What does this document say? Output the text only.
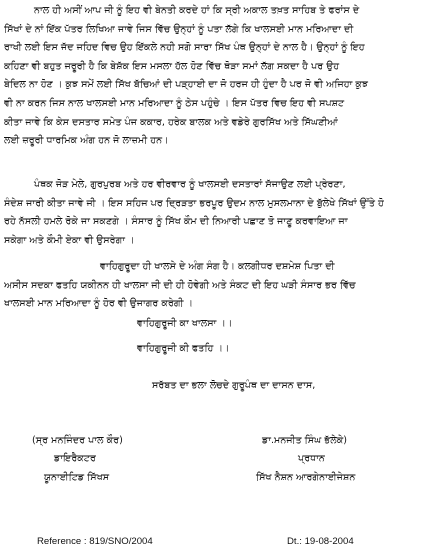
ਨਾਲ ਹੀ ਅਸੀਂ ਆਪ ਜੀ ਨੂੰ ਇਹ ਵੀ ਬੇਨਤੀ ਕਰਦੇ ਹਾਂ ਕਿ ਸ੍ਰੀ ਅਕਾਲ ਤਖ਼ਤ ਸਾਹਿਬ ਤੇ ਫਰਾਂਸ ਦੇ
ਸਿੱਖਾਂ ਦੇ ਨਾਂ ਇੱਕ ਪੱਤਰ ਲਿਖਿਆ ਜਾਵੇ ਜਿਸ ਵਿੱਚ ਉਨ੍ਹਾਂ ਨੂੰ ਪਤਾ ਲੱਗੇ ਕਿ ਖਾਲਸਈ ਮਾਨ ਮਰਿਆਦਾ ਦੀ
ਰਾਖੀ ਲਈ ਇਸ ਜੱਦ ਜਹਿਦ ਵਿਚ ਉਹ ਇੱਕਲੇ ਨਹੀ ਸਗੋ ਸਾਰਾ ਸਿੱਖ ਪੰਥ ਉਨ੍ਹਾਂ ਦੇ ਨਾਲ ਹੈ। ਉਨ੍ਹਾਂ ਨੂੰ ਇਹ
ਕਹਿਣਾ ਵੀ ਬਹੁਤ ਜਰੂਰੀ ਹੈ ਕਿ ਬੇਸ਼ੱਕ ਇਸ ਮਸਲਾ ਹੱਲ ਹੋਣ ਵਿੱਚ ਥੋੜਾ ਸਮਾਂ ਲੱਗ ਸਕਦਾ ਹੈ ਪਰ ਉਹ
ਬੇਦਿਲ ਨਾ ਹੋਣ । ਕੁਝ ਸਮੇਂ ਲਈ ਸਿੱਖ ਬੱਚਿਆਂ ਦੀ ਪੜ੍ਹਾਈ ਦਾ ਜੋ ਹਰਜ ਹੀ ਹੁੰਦਾ ਹੈ ਪਰ ਜੋ ਵੀ ਅਜਿਹਾ ਕੁਝ
ਵੀ ਨਾ ਕਰਨ ਜਿਸ ਨਾਲ ਖਾਲਸਈ ਮਾਨ ਮਰਿਆਦਾ ਨੂੰ ਠੇਸ ਪਹੁੰਚੇ । ਇਸ ਪੱਤਰ ਵਿਚ ਇਹ ਵੀ ਸਪਸ਼ਟ
ਕੀਤਾ ਜਾਵੇ ਕਿ ਕੇਸ ਦਸਤਾਰ ਸਮੇਤ ਪੰਜ ਕਕਾਰ, ਹਰੇਕ ਬਾਲਕ ਅਤੇ ਵਡੇਰੇ ਗੁਰਸਿੱਖ ਅਤੇ ਸਿੱਘਣੀਆਂ
ਲਈ ਜ਼ਰੂਰੀ ਧਾਰਮਿਕ ਅੰਗ ਹਨ ਜੋ ਲਾਜ਼ਮੀ ਹਨ।
ਪੰਥਕ ਜੋੜ ਮੇਲੇ, ਗੁਰਪੁਰਬ ਅਤੇ ਹਰ ਵੀਰਵਾਰ ਨੂੰ ਖਾਲਸਈ ਦਸਤਾਰਾਂ ਸੱਜਾਉਣ ਲਈ ਪ੍ਰੇਰਣਾ,
ਸੰਦੇਸ਼ ਜਾਰੀ ਕੀਤਾ ਜਾਵੇ ਜੀ । ਇਸ ਸਹਿਜ ਪਰ ਦ੍ਰਿੜਤਾ ਭਰਪੂਰ ਉਦਮ ਨਾਲ ਮੁਸਲਮਾਨਾ ਦੇ ਬੁੱਲੇਖੇ ਸਿੱਖਾਂ ਉੱਤੇ ਹੋ
ਰਹੇ ਨੱਸਲੀ ਹਮਲੇ ਰੋਕੇ ਜਾ ਸਕਣਗੇ । ਸੰਸਾਰ ਨੂੰ ਸਿੱਖ ਕੌਮ ਦੀ ਨਿਆਰੀ ਪਛਾਣ ਤੋ ਜਾਣੂ ਕਰਵਾਇਆ ਜਾ
ਸਕੇਗਾ ਅਤੇ ਕੌਮੀ ਏਕਾ ਵੀ ਉਸਰੇਗਾ ।
ਵਾਹਿਗੁਰੂਦਾ ਹੀ ਖਾਲਸੇ ਦੇ ਅੰਗ ਸੰਗ ਹੈ। ਕਲਗੀਧਰ ਦਸ਼ਮੇਸ਼ ਪਿਤਾ ਦੀ
ਅਸੀਸ ਸਦਕਾ ਫਤਹਿ ਯਕੀਨਨ ਹੀ ਖਾਲਸਾ ਜੀ ਦੀ ਹੀ ਹੋਵੇਗੀ ਅਤੇ ਸੰਕਟ ਦੀ ਇਹ ਘੜੀ ਸੰਸਾਰ ਭਰ ਵਿੱਚ
ਖਾਲਸਈ ਮਾਨ ਮਰਿਆਦਾ ਨੂੰ ਹੋਰ ਵੀ ਉਜਾਗਰ ਕਰੇਗੀ ।
ਵਾਹਿਗੁਰੂਜੀ ਕਾ ਖਾਲਸਾ ।।
ਵਾਹਿਗੁਰੂਜੀ ਕੀ ਫਤਹਿ ।।
ਸਰੱਬਤ ਦਾ ਭਲਾ ਲੋਚਦੇ ਗੁਰੂਪੰਥ ਦਾ ਦਾਸਨ ਦਾਸ,
(ਸ੍ਰ ਮਨਜਿੰਦਰ ਪਾਲ ਕੌਰ)
ਡਾਇਰੈਕਟਰ
ਯੂਨਾਈਟਿਡ ਸਿੱਖਸ
ਡਾ.ਮਨਜੀਤ ਸਿੰਘ ਭੱਲੇਕੇ)
ਪ੍ਰਧਾਨ
ਸਿੱਖ ਨੈਸ਼ਨ ਆਰਗੇਨਾਈਜੇਸ਼ਨ
Reference : 819/SNO/2004	Dt.: 19-08-2004
